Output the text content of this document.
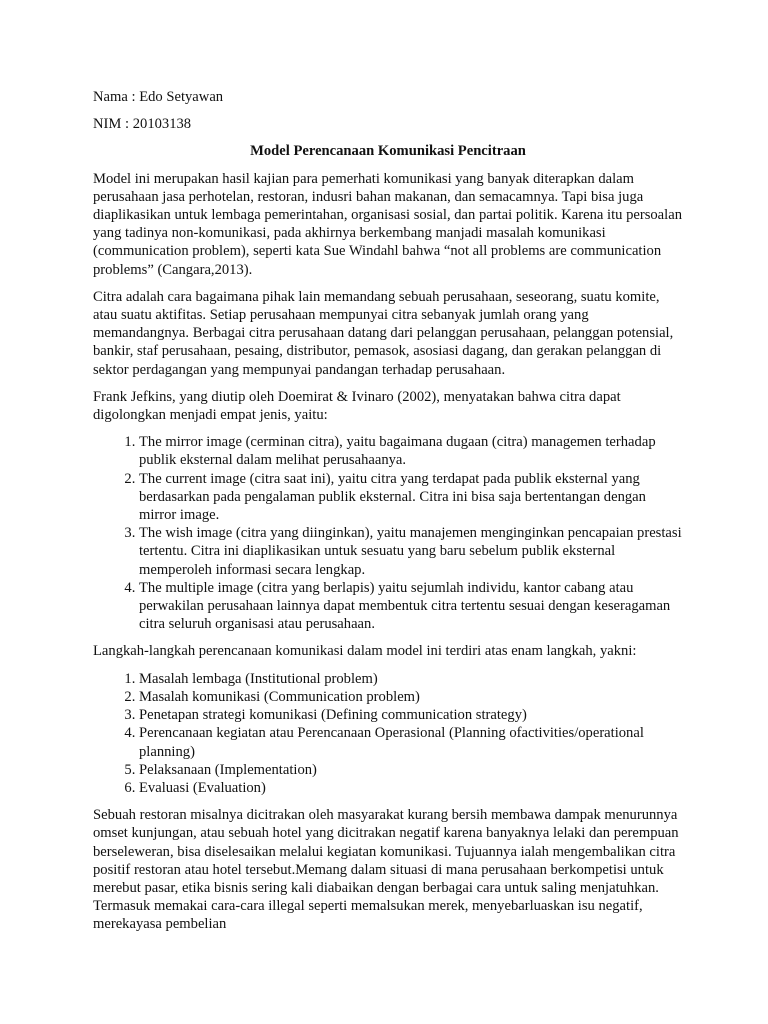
Nama : Edo Setyawan

NIM : 20103138

Model Perencanaan Komunikasi Pencitraan

Model ini merupakan hasil kajian para pemerhati komunikasi yang banyak diterapkan dalam perusahaan jasa perhotelan, restoran, indusri bahan makanan, dan semacamnya. Tapi bisa juga diaplikasikan untuk lembaga pemerintahan, organisasi sosial, dan partai politik. Karena itu persoalan yang tadinya non-komunikasi, pada akhirnya berkembang manjadi masalah komunikasi (communication problem), seperti kata Sue Windahl bahwa “not all problems are communication problems” (Cangara,2013).

Citra adalah cara bagaimana pihak lain memandang sebuah perusahaan, seseorang, suatu komite, atau suatu aktifitas. Setiap perusahaan mempunyai citra sebanyak jumlah orang yang memandangnya. Berbagai citra perusahaan datang dari pelanggan perusahaan, pelanggan potensial, bankir, staf perusahaan, pesaing, distributor, pemasok, asosiasi dagang, dan gerakan pelanggan di sektor perdagangan yang mempunyai pandangan terhadap perusahaan.

Frank Jefkins, yang diutip oleh Doemirat & Ivinaro (2002), menyatakan bahwa citra dapat digolongkan menjadi empat jenis, yaitu:

1. The mirror image (cerminan citra), yaitu bagaimana dugaan (citra) managemen terhadap publik eksternal dalam melihat perusahaanya.
2. The current image (citra saat ini), yaitu citra yang terdapat pada publik eksternal yang berdasarkan pada pengalaman publik eksternal. Citra ini bisa saja bertentangan dengan mirror image.
3. The wish image (citra yang diinginkan), yaitu manajemen menginginkan pencapaian prestasi tertentu. Citra ini diaplikasikan untuk sesuatu yang baru sebelum publik eksternal memperoleh informasi secara lengkap.
4. The multiple image (citra yang berlapis) yaitu sejumlah individu, kantor cabang atau perwakilan perusahaan lainnya dapat membentuk citra tertentu sesuai dengan keseragaman citra seluruh organisasi atau perusahaan.

Langkah-langkah perencanaan komunikasi dalam model ini terdiri atas enam langkah, yakni:

1. Masalah lembaga (Institutional problem)
2. Masalah komunikasi (Communication problem)
3. Penetapan strategi komunikasi (Defining communication strategy)
4. Perencanaan kegiatan atau Perencanaan Operasional (Planning ofactivities/operational planning)
5. Pelaksanaan (Implementation)
6. Evaluasi (Evaluation)

Sebuah restoran misalnya dicitrakan oleh masyarakat kurang bersih membawa dampak menurunnya omset kunjungan, atau sebuah hotel yang dicitrakan negatif karena banyaknya lelaki dan perempuan berseleweran, bisa diselesaikan melalui kegiatan komunikasi. Tujuannya ialah mengembalikan citra positif restoran atau hotel tersebut.Memang dalam situasi di mana perusahaan berkompetisi untuk merebut pasar, etika bisnis sering kali diabaikan dengan berbagai cara untuk saling menjatuhkan. Termasuk memakai cara-cara illegal seperti memalsukan merek, menyebarluaskan isu negatif, merekayasa pembelian
